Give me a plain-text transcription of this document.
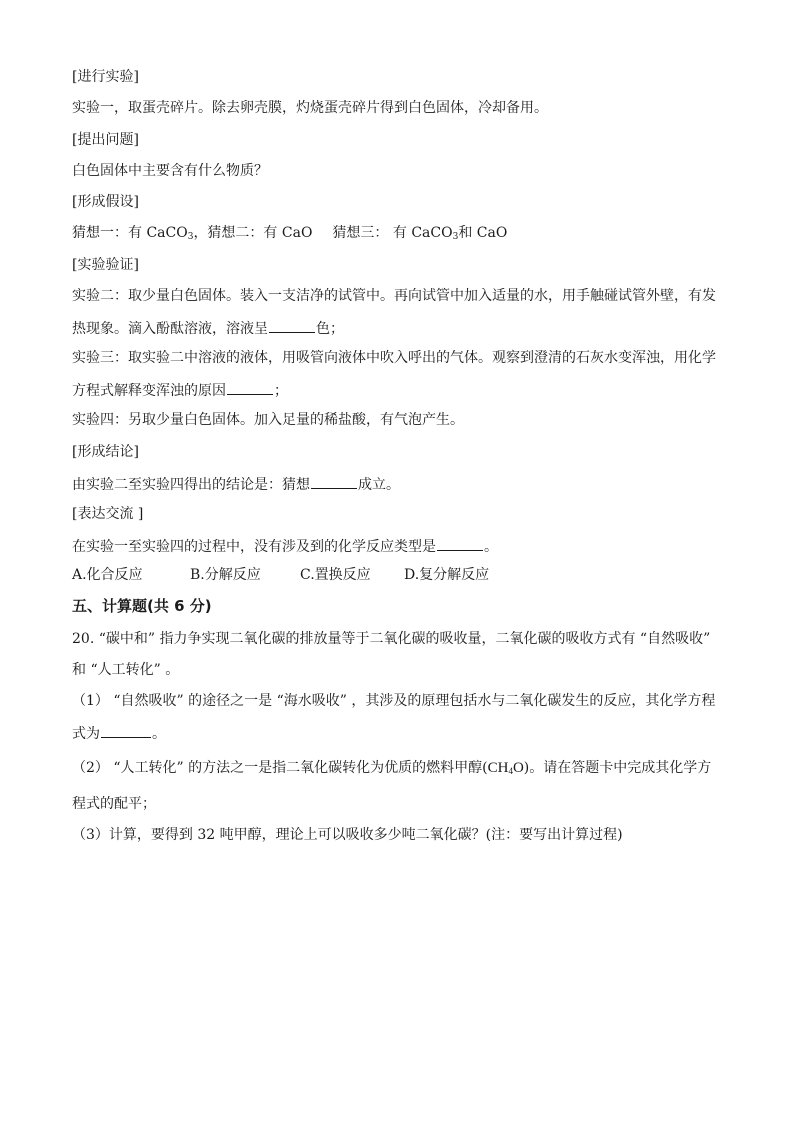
[进行实验]
实验一，取蛋壳碎片。除去卵壳膜，灼烧蛋壳碎片得到白色固体，冷却备用。
[提出问题]
白色固体中主要含有什么物质？
[形成假设]
猜想一：有 CaCO$_3$，猜想二：有 CaO 猜想三： 有 CaCO$_3$和 CaO
[实验验证]
实验二：取少量白色固体。装入一支洁净的试管中。再向试管中加入适量的水，用手触碰试管外壁，有发
热现象。滴入酚酞溶液，溶液呈	色；
实验三：取实验二中溶液的液体，用吸管向液体中吹入呼出的气体。观察到澄清的石灰水变浑浊，用化学
方程式解释变浑浊的原因	；
实验四：另取少量白色固体。加入足量的稀盐酸，有气泡产生。
[形成结论]
由实验二至实验四得出的结论是：猜想	成立。
[表达交流 ]
在实验一至实验四的过程中，没有涉及到的化学反应类型是	。
A.化合反应	B.分解反应	C.置换反应 D.复分解反应
五、计算题(共 6 分)
20. “碳中和” 指力争实现二氧化碳的排放量等于二氧化碳的吸收量，二氧化碳的吸收方式有 “自然吸收”
和 “人工转化” 。
（1） “自然吸收” 的途径之一是 “海水吸收” ，其涉及的原理包括水与二氧化碳发生的反应，其化学方程
式为	。
（2） “人工转化” 的方法之一是指二氧化碳转化为优质的燃料甲醇$(CH_4O)$。请在答题卡中完成其化学方
程式的配平；
（3）计算，要得到 32 吨甲醇，理论上可以吸收多少吨二氧化碳？(注：要写出计算过程)
